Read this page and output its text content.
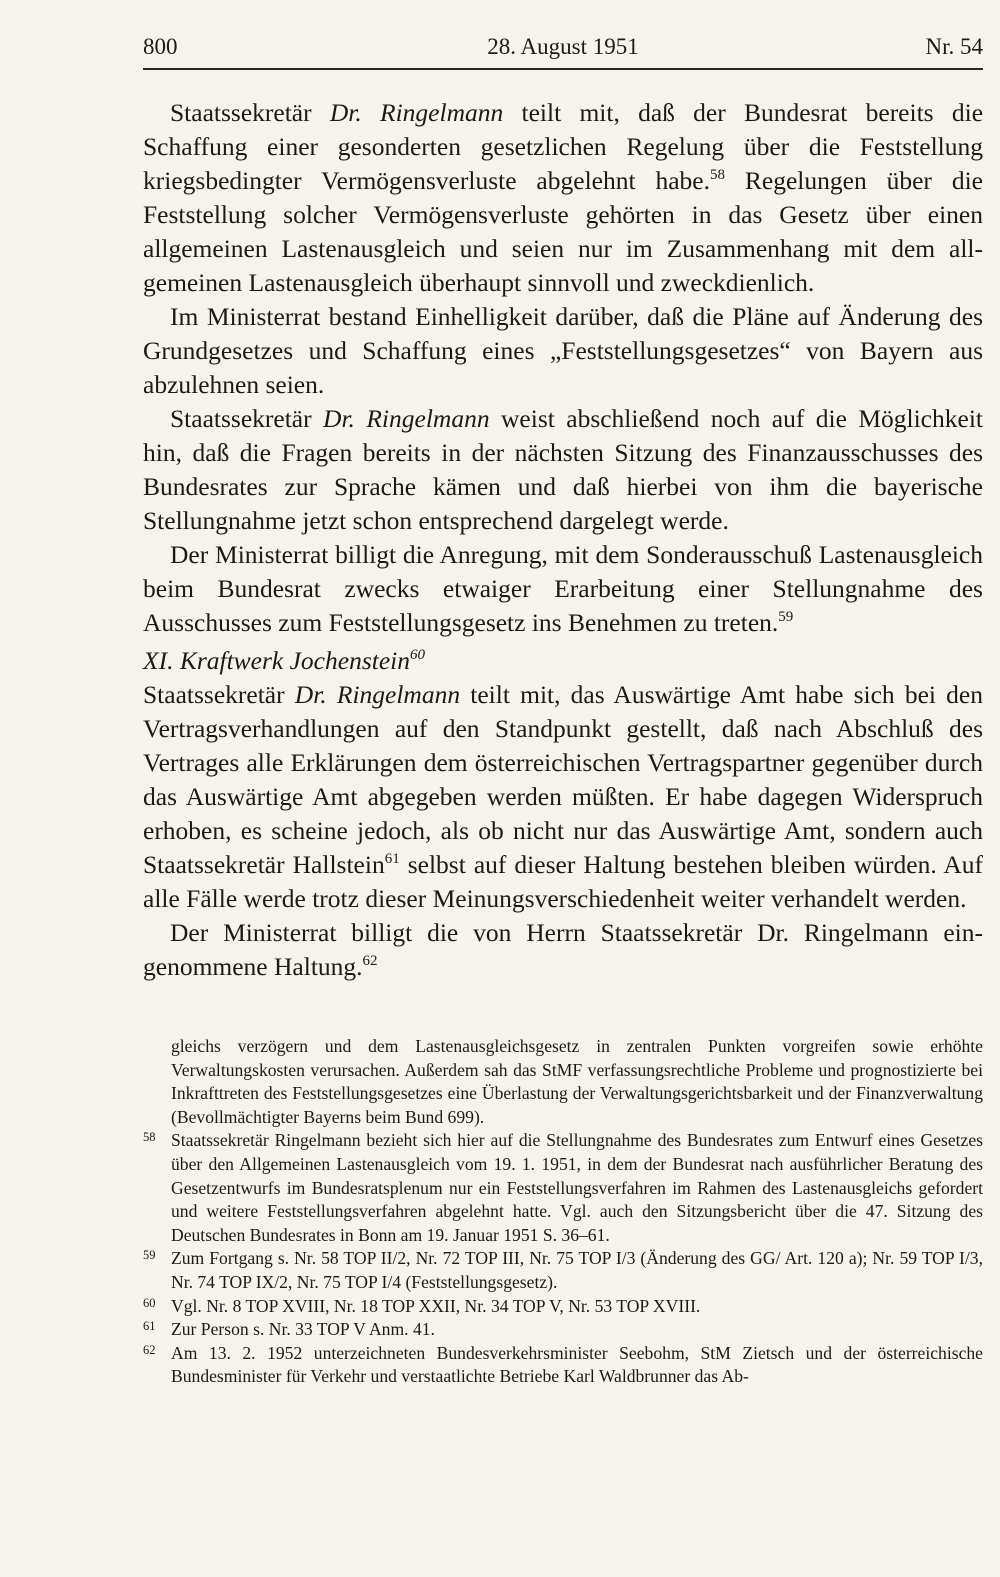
800	28. August 1951	Nr. 54

Staatssekretär Dr. Ringelmann teilt mit, daß der Bundesrat bereits die Schaffung einer gesonderten gesetzlichen Regelung über die Feststellung kriegsbedingter Vermögensverluste abgelehnt habe.$^{58}$ Regelungen über die Feststellung solcher Vermögensverluste gehörten in das Gesetz über einen allgemeinen Lastenausgleich und seien nur im Zusammenhang mit dem allgemeinen Lastenausgleich überhaupt sinnvoll und zweckdienlich.

Im Ministerrat bestand Einhelligkeit darüber, daß die Pläne auf Änderung des Grundgesetzes und Schaffung eines „Feststellungsgesetzes“ von Bayern aus abzulehnen seien.

Staatssekretär Dr. Ringelmann weist abschließend noch auf die Möglichkeit hin, daß die Fragen bereits in der nächsten Sitzung des Finanzausschusses des Bundesrates zur Sprache kämen und daß hierbei von ihm die bayerische Stellungnahme jetzt schon entsprechend dargelegt werde.

Der Ministerrat billigt die Anregung, mit dem Sonderausschuß Lastenausgleich beim Bundesrat zwecks etwaiger Erarbeitung einer Stellungnahme des Ausschusses zum Feststellungsgesetz ins Benehmen zu treten.$^{59}$

XI. Kraftwerk Jochenstein$^{60}$

Staatssekretär Dr. Ringelmann teilt mit, das Auswärtige Amt habe sich bei den Vertragsverhandlungen auf den Standpunkt gestellt, daß nach Abschluß des Vertrages alle Erklärungen dem österreichischen Vertragspartner gegenüber durch das Auswärtige Amt abgegeben werden müßten. Er habe dagegen Widerspruch erhoben, es scheine jedoch, als ob nicht nur das Auswärtige Amt, sondern auch Staatssekretär Hallstein$^{61}$ selbst auf dieser Haltung bestehen bleiben würden. Auf alle Fälle werde trotz dieser Meinungsverschiedenheit weiter verhandelt werden.

Der Ministerrat billigt die von Herrn Staatssekretär Dr. Ringelmann eingenommene Haltung.$^{62}$

gleichs verzögern und dem Lastenausgleichsgesetz in zentralen Punkten vorgreifen sowie erhöhte Verwaltungskosten verursachen. Außerdem sah das StMF verfassungsrechtliche Probleme und prognostizierte bei Inkrafttreten des Feststellungsgesetzes eine Überlastung der Verwaltungsgerichtsbarkeit und der Finanzverwaltung (Bevollmächtigter Bayerns beim Bund 699).

58 Staatssekretär Ringelmann bezieht sich hier auf die Stellungnahme des Bundesrates zum Entwurf eines Gesetzes über den Allgemeinen Lastenausgleich vom 19. 1. 1951, in dem der Bundesrat nach ausführlicher Beratung des Gesetzentwurfs im Bundesratsplenum nur ein Feststellungsverfahren im Rahmen des Lastenausgleichs gefordert und weitere Feststellungsverfahren abgelehnt hatte. Vgl. auch den Sitzungsbericht über die 47. Sitzung des Deutschen Bundesrates in Bonn am 19. Januar 1951 S. 36–61.

59 Zum Fortgang s. Nr. 58 TOP II/2, Nr. 72 TOP III, Nr. 75 TOP I/3 (Änderung des GG/ Art. 120 a); Nr. 59 TOP I/3, Nr. 74 TOP IX/2, Nr. 75 TOP I/4 (Feststellungsgesetz).

60 Vgl. Nr. 8 TOP XVIII, Nr. 18 TOP XXII, Nr. 34 TOP V, Nr. 53 TOP XVIII.

61 Zur Person s. Nr. 33 TOP V Anm. 41.

62 Am 13. 2. 1952 unterzeichneten Bundesverkehrsminister Seebohm, StM Zietsch und der österreichische Bundesminister für Verkehr und verstaatlichte Betriebe Karl Waldbrunner das Ab-
